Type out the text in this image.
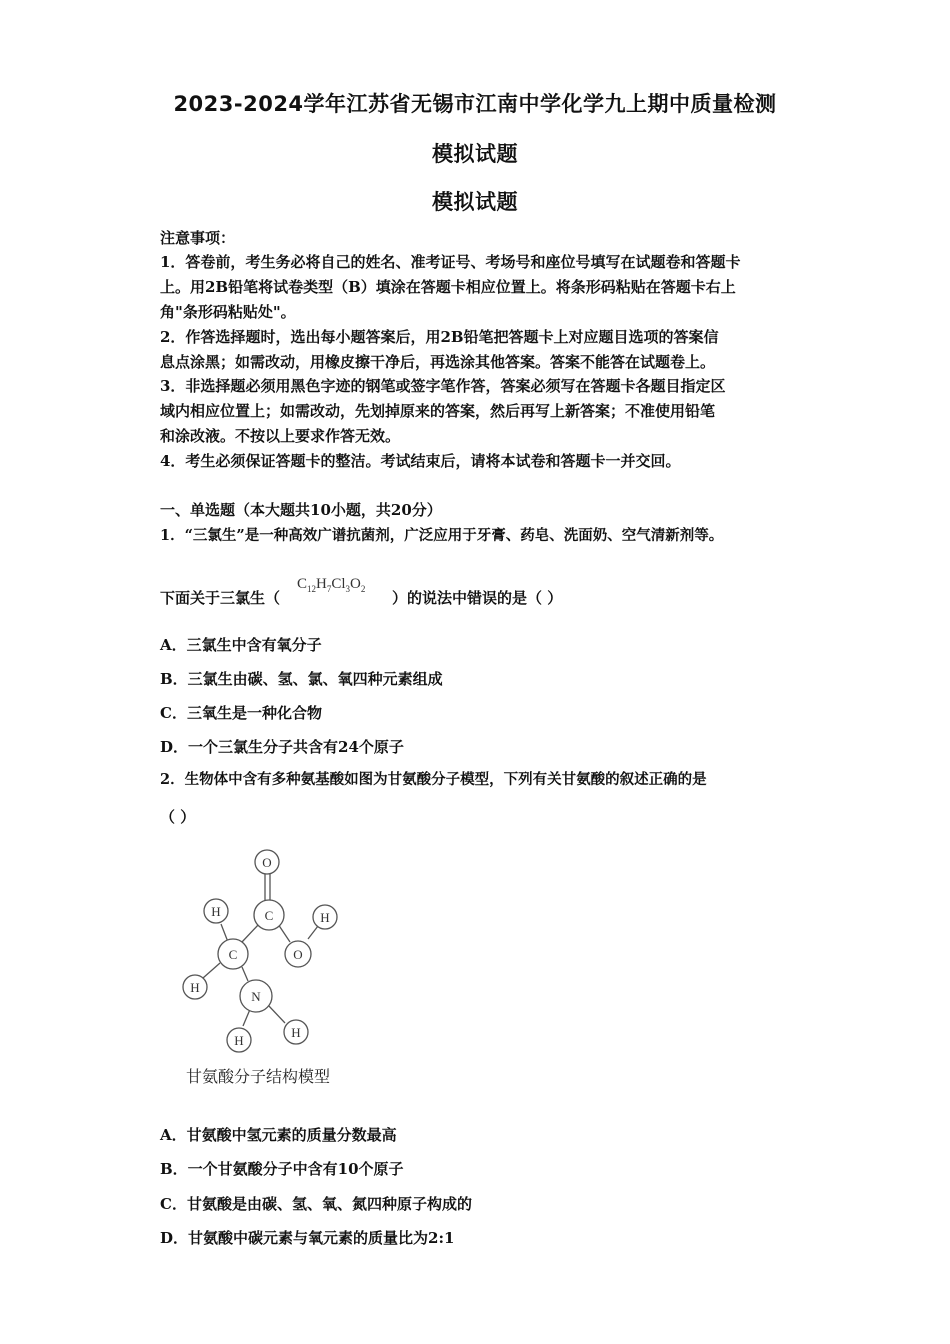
2023-2024学年江苏省无锡市江南中学化学九上期中质量检测
模拟试题
模拟试题
注意事项：
1．答卷前，考生务必将自己的姓名、准考证号、考场号和座位号填写在试题卷和答题卡
上。用2B铅笔将试卷类型（B）填涂在答题卡相应位置上。将条形码粘贴在答题卡右上
角"条形码粘贴处"。
2．作答选择题时，选出每小题答案后，用2B铅笔把答题卡上对应题目选项的答案信
息点涂黑；如需改动，用橡皮擦干净后，再选涂其他答案。答案不能答在试题卷上。
3．非选择题必须用黑色字迹的钢笔或签字笔作答，答案必须写在答题卡各题目指定区
域内相应位置上；如需改动，先划掉原来的答案，然后再写上新答案；不准使用铅笔
和涂改液。不按以上要求作答无效。
4．考生必须保证答题卡的整洁。考试结束后，请将本试卷和答题卡一并交回。
一、单选题（本大题共10小题，共20分）
1．“三氯生”是一种高效广谱抗菌剂，广泛应用于牙膏、药皂、洗面奶、空气清新剂等。
下面关于三氯生（
$C_{12}H_7Cl_3O_2$ ）的说法中错误的是（ ）
A．三氯生中含有氧分子
B．三氯生由碳、氢、氯、氧四种元素组成
C．三氧生是一种化合物
D．一个三氯生分子共含有24个原子
2．生物体中含有多种氨基酸如图为甘氨酸分子模型，下列有关甘氨酸的叙述正确的是
（ ）
O
C
H	H
O
C
H
N
H
H
甘氨酸分子结构模型
A．甘氨酸中氢元素的质量分数最高
B．一个甘氨酸分子中含有10个原子
C．甘氨酸是由碳、氢、氧、氮四种原子构成的
D．甘氨酸中碳元素与氧元素的质量比为2:1
